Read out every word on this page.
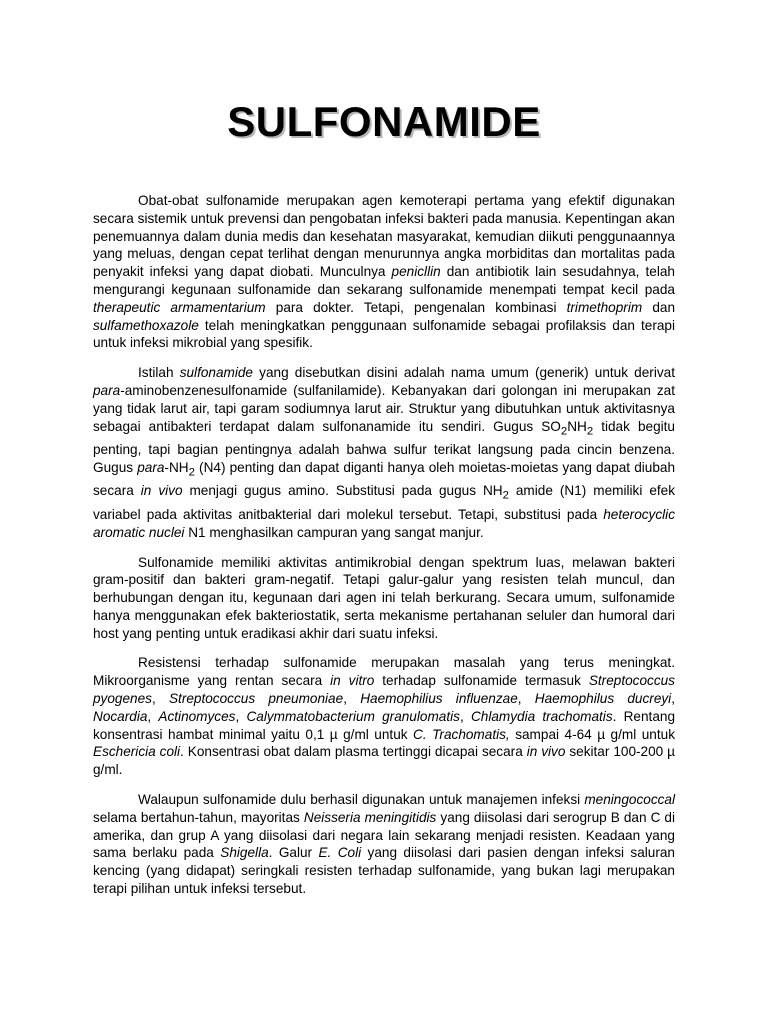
SULFONAMIDE

Obat-obat sulfonamide merupakan agen kemoterapi pertama yang efektif digunakan secara sistemik untuk prevensi dan pengobatan infeksi bakteri pada manusia. Kepentingan akan penemuannya dalam dunia medis dan kesehatan masyarakat, kemudian diikuti penggunaannya yang meluas, dengan cepat terlihat dengan menurunnya angka morbiditas dan mortalitas pada penyakit infeksi yang dapat diobati. Munculnya penicllin dan antibiotik lain sesudahnya, telah mengurangi kegunaan sulfonamide dan sekarang sulfonamide menempati tempat kecil pada therapeutic armamentarium para dokter. Tetapi, pengenalan kombinasi trimethoprim dan sulfamethoxazole telah meningkatkan penggunaan sulfonamide sebagai profilaksis dan terapi untuk infeksi mikrobial yang spesifik.

Istilah sulfonamide yang disebutkan disini adalah nama umum (generik) untuk derivat para-aminobenzenesulfonamide (sulfanilamide). Kebanyakan dari golongan ini merupakan zat yang tidak larut air, tapi garam sodiumnya larut air. Struktur yang dibutuhkan untuk aktivitasnya sebagai antibakteri terdapat dalam sulfonanamide itu sendiri. Gugus $SO_2NH_2$ tidak begitu penting, tapi bagian pentingnya adalah bahwa sulfur terikat langsung pada cincin benzena. Gugus para-$NH_2$ (N4) penting dan dapat diganti hanya oleh moietas-moietas yang dapat diubah secara in vivo menjagi gugus amino. Substitusi pada gugus $NH_2$ amide (N1) memiliki efek variabel pada aktivitas anitbakterial dari molekul tersebut. Tetapi, substitusi pada heterocyclic aromatic nuclei N1 menghasilkan campuran yang sangat manjur.

Sulfonamide memiliki aktivitas antimikrobial dengan spektrum luas, melawan bakteri gram-positif dan bakteri gram-negatif. Tetapi galur-galur yang resisten telah muncul, dan berhubungan dengan itu, kegunaan dari agen ini telah berkurang. Secara umum, sulfonamide hanya menggunakan efek bakteriostatik, serta mekanisme pertahanan seluler dan humoral dari host yang penting untuk eradikasi akhir dari suatu infeksi.

Resistensi terhadap sulfonamide merupakan masalah yang terus meningkat. Mikroorganisme yang rentan secara in vitro terhadap sulfonamide termasuk Streptococcus pyogenes, Streptococcus pneumoniae, Haemophilius influenzae, Haemophilus ducreyi, Nocardia, Actinomyces, Calymmatobacterium granulomatis, Chlamydia trachomatis. Rentang konsentrasi hambat minimal yaitu 0,1 µ g/ml untuk C. Trachomatis, sampai 4-64 µ g/ml untuk Eschericia coli. Konsentrasi obat dalam plasma tertinggi dicapai secara in vivo sekitar 100-200 µ g/ml.

Walaupun sulfonamide dulu berhasil digunakan untuk manajemen infeksi meningococcal selama bertahun-tahun, mayoritas Neisseria meningitidis yang diisolasi dari serogrup B dan C di amerika, dan grup A yang diisolasi dari negara lain sekarang menjadi resisten. Keadaan yang sama berlaku pada Shigella. Galur E. Coli yang diisolasi dari pasien dengan infeksi saluran kencing (yang didapat) seringkali resisten terhadap sulfonamide, yang bukan lagi merupakan terapi pilihan untuk infeksi tersebut.
